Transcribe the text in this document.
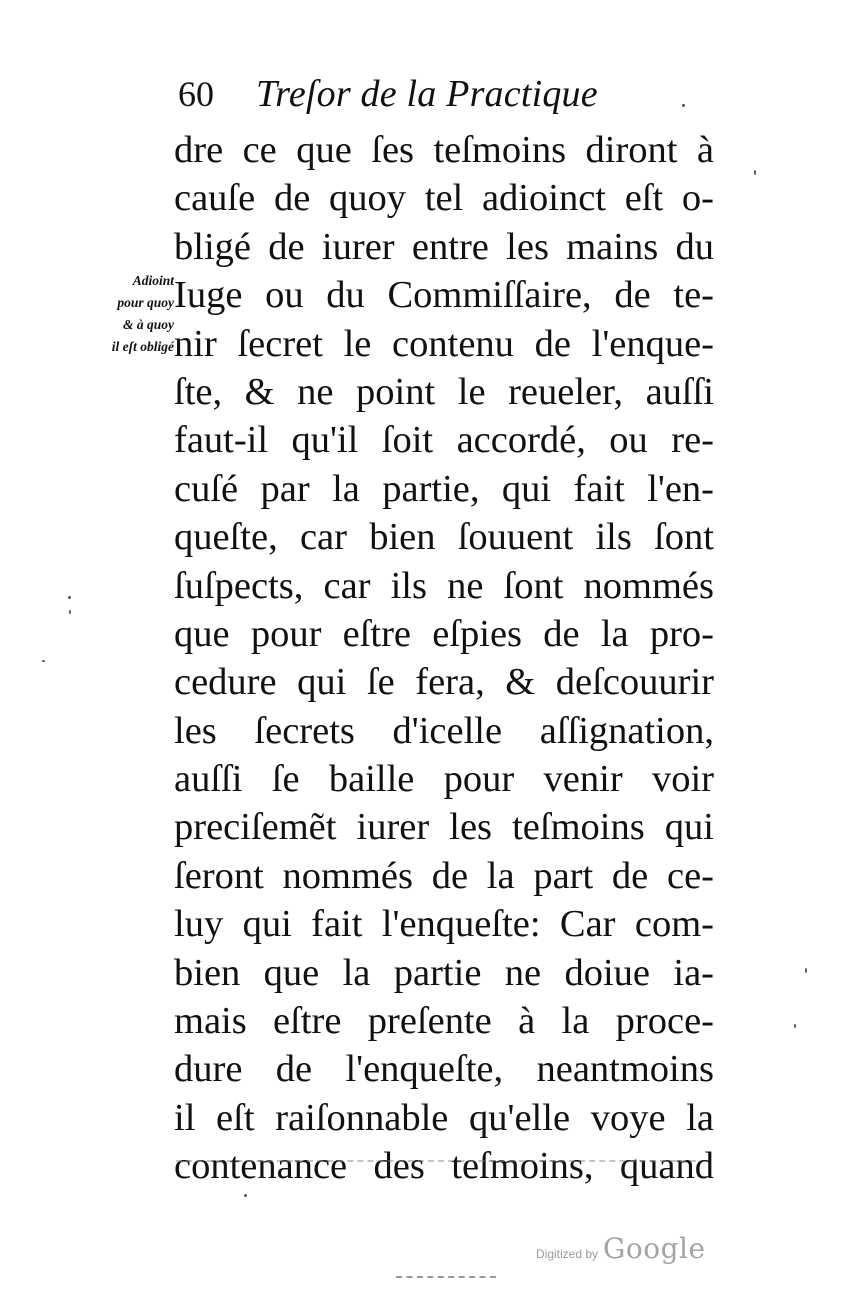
60 Treſor de la Practique
Adioint
pour quoy
& à quoy
il eſt obligé
dre ce que ſes teſmoins diront à
cauſe de quoy tel adioinct eſt o-
bligé de iurer entre les mains du
Iuge ou du Commiſſaire, de te-
nir ſecret le contenu de l'enque-
ſte, & ne point le reueler, auſſi
faut-il qu'il ſoit accordé, ou re-
cuſé par la partie, qui fait l'en-
queſte, car bien ſouuent ils ſont
ſuſpects, car ils ne ſont nommés
que pour eſtre eſpies de la pro-
cedure qui ſe fera, & deſcouurir
les ſecrets d'icelle aſſignation,
auſſi ſe baille pour venir voir
preciſemẽt iurer les teſmoins qui
ſeront nommés de la part de ce-
luy qui fait l'enqueſte: Car com-
bien que la partie ne doiue ia-
mais eſtre preſente à la proce-
dure de l'enqueſte, neantmoins
il eſt raiſonnable qu'elle voye la
contenance des teſmoins, quand
Digitized by Google
